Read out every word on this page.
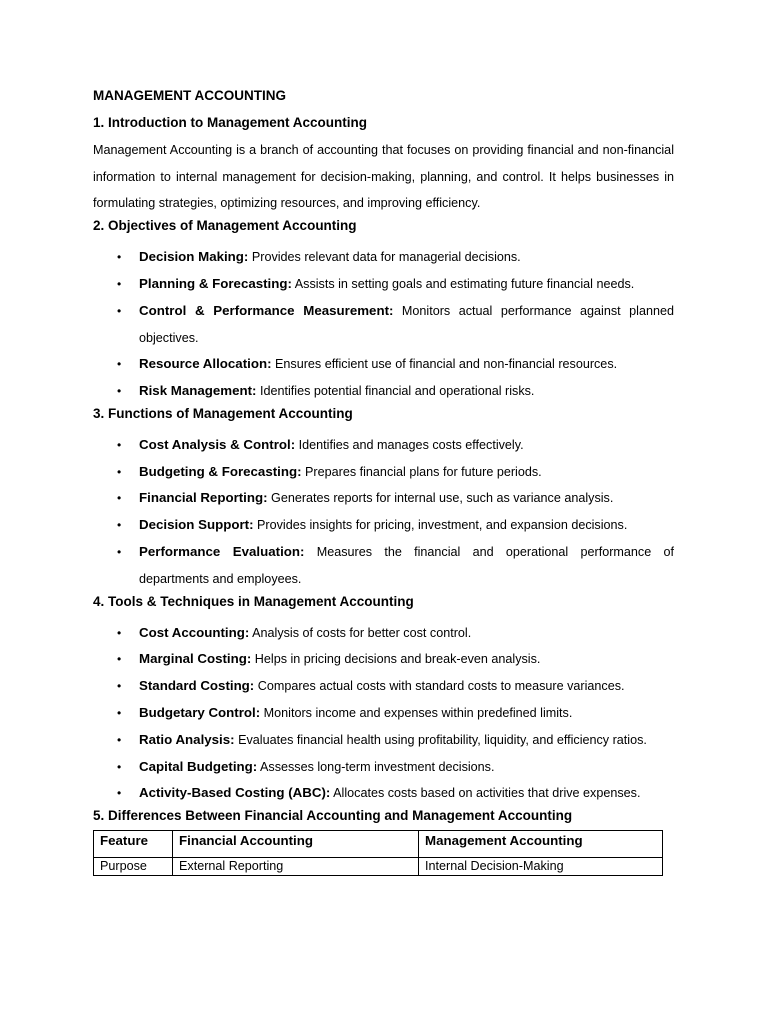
MANAGEMENT ACCOUNTING
1. Introduction to Management Accounting

Management Accounting is a branch of accounting that focuses on providing financial and non-financial information to internal management for decision-making, planning, and control. It helps businesses in formulating strategies, optimizing resources, and improving efficiency.

2. Objectives of Management Accounting
• Decision Making: Provides relevant data for managerial decisions.
• Planning & Forecasting: Assists in setting goals and estimating future financial needs.
• Control & Performance Measurement: Monitors actual performance against planned objectives.
• Resource Allocation: Ensures efficient use of financial and non-financial resources.
• Risk Management: Identifies potential financial and operational risks.
3. Functions of Management Accounting
• Cost Analysis & Control: Identifies and manages costs effectively.
• Budgeting & Forecasting: Prepares financial plans for future periods.
• Financial Reporting: Generates reports for internal use, such as variance analysis.
• Decision Support: Provides insights for pricing, investment, and expansion decisions.
• Performance Evaluation: Measures the financial and operational performance of departments and employees.
4. Tools & Techniques in Management Accounting
• Cost Accounting: Analysis of costs for better cost control.
• Marginal Costing: Helps in pricing decisions and break-even analysis.
• Standard Costing: Compares actual costs with standard costs to measure variances.
• Budgetary Control: Monitors income and expenses within predefined limits.
• Ratio Analysis: Evaluates financial health using profitability, liquidity, and efficiency ratios.
• Capital Budgeting: Assesses long-term investment decisions.
• Activity-Based Costing (ABC): Allocates costs based on activities that drive expenses.
5. Differences Between Financial Accounting and Management Accounting
Feature	Financial Accounting	Management Accounting
Purpose	External Reporting	Internal Decision-Making
